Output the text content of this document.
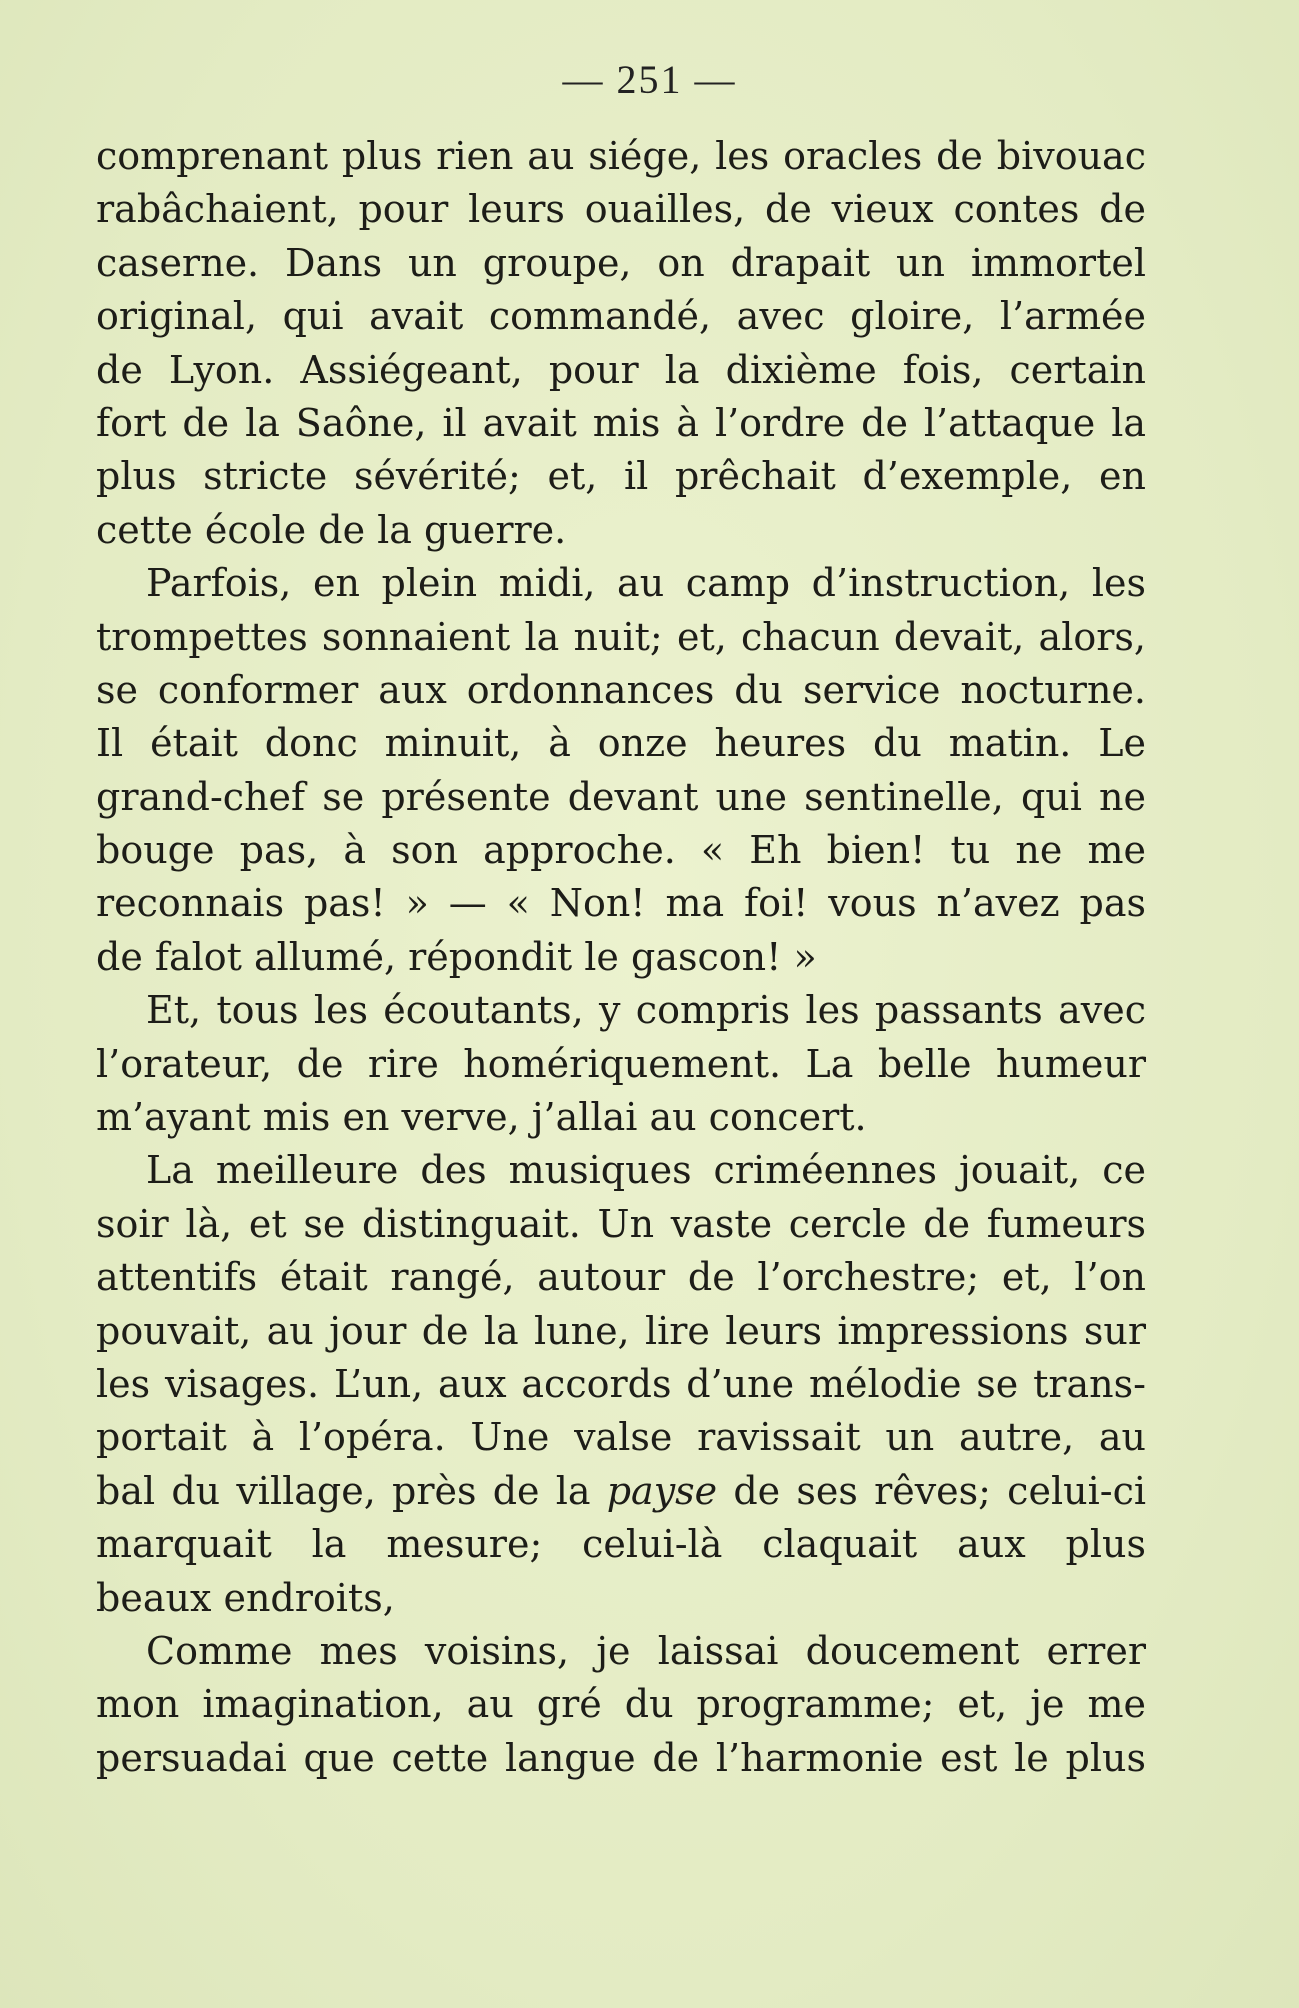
— 251 —
comprenant plus rien au siége, les oracles de bivouac
rabâchaient, pour leurs ouailles, de vieux contes de
caserne. Dans un groupe, on drapait un immortel
original, qui avait commandé, avec gloire, l’armée
de Lyon. Assiégeant, pour la dixième fois, certain
fort de la Saône, il avait mis à l’ordre de l’attaque la
plus stricte sévérité; et, il prêchait d’exemple, en
cette école de la guerre.
Parfois, en plein midi, au camp d’instruction, les
trompettes sonnaient la nuit; et, chacun devait, alors,
se conformer aux ordonnances du service nocturne.
Il était donc minuit, à onze heures du matin. Le
grand-chef se présente devant une sentinelle, qui ne
bouge pas, à son approche. « Eh bien! tu ne me
reconnais pas! » — « Non! ma foi! vous n’avez pas
de falot allumé, répondit le gascon! »
Et, tous les écoutants, y compris les passants avec
l’orateur, de rire homériquement. La belle humeur
m’ayant mis en verve, j’allai au concert.
La meilleure des musiques criméennes jouait, ce
soir là, et se distinguait. Un vaste cercle de fumeurs
attentifs était rangé, autour de l’orchestre; et, l’on
pouvait, au jour de la lune, lire leurs impressions sur
les visages. L’un, aux accords d’une mélodie se trans-
portait à l’opéra. Une valse ravissait un autre, au
bal du village, près de la payse de ses rêves; celui-ci
marquait la mesure; celui-là claquait aux plus
beaux endroits,
Comme mes voisins, je laissai doucement errer
mon imagination, au gré du programme; et, je me
persuadai que cette langue de l’harmonie est le plus
